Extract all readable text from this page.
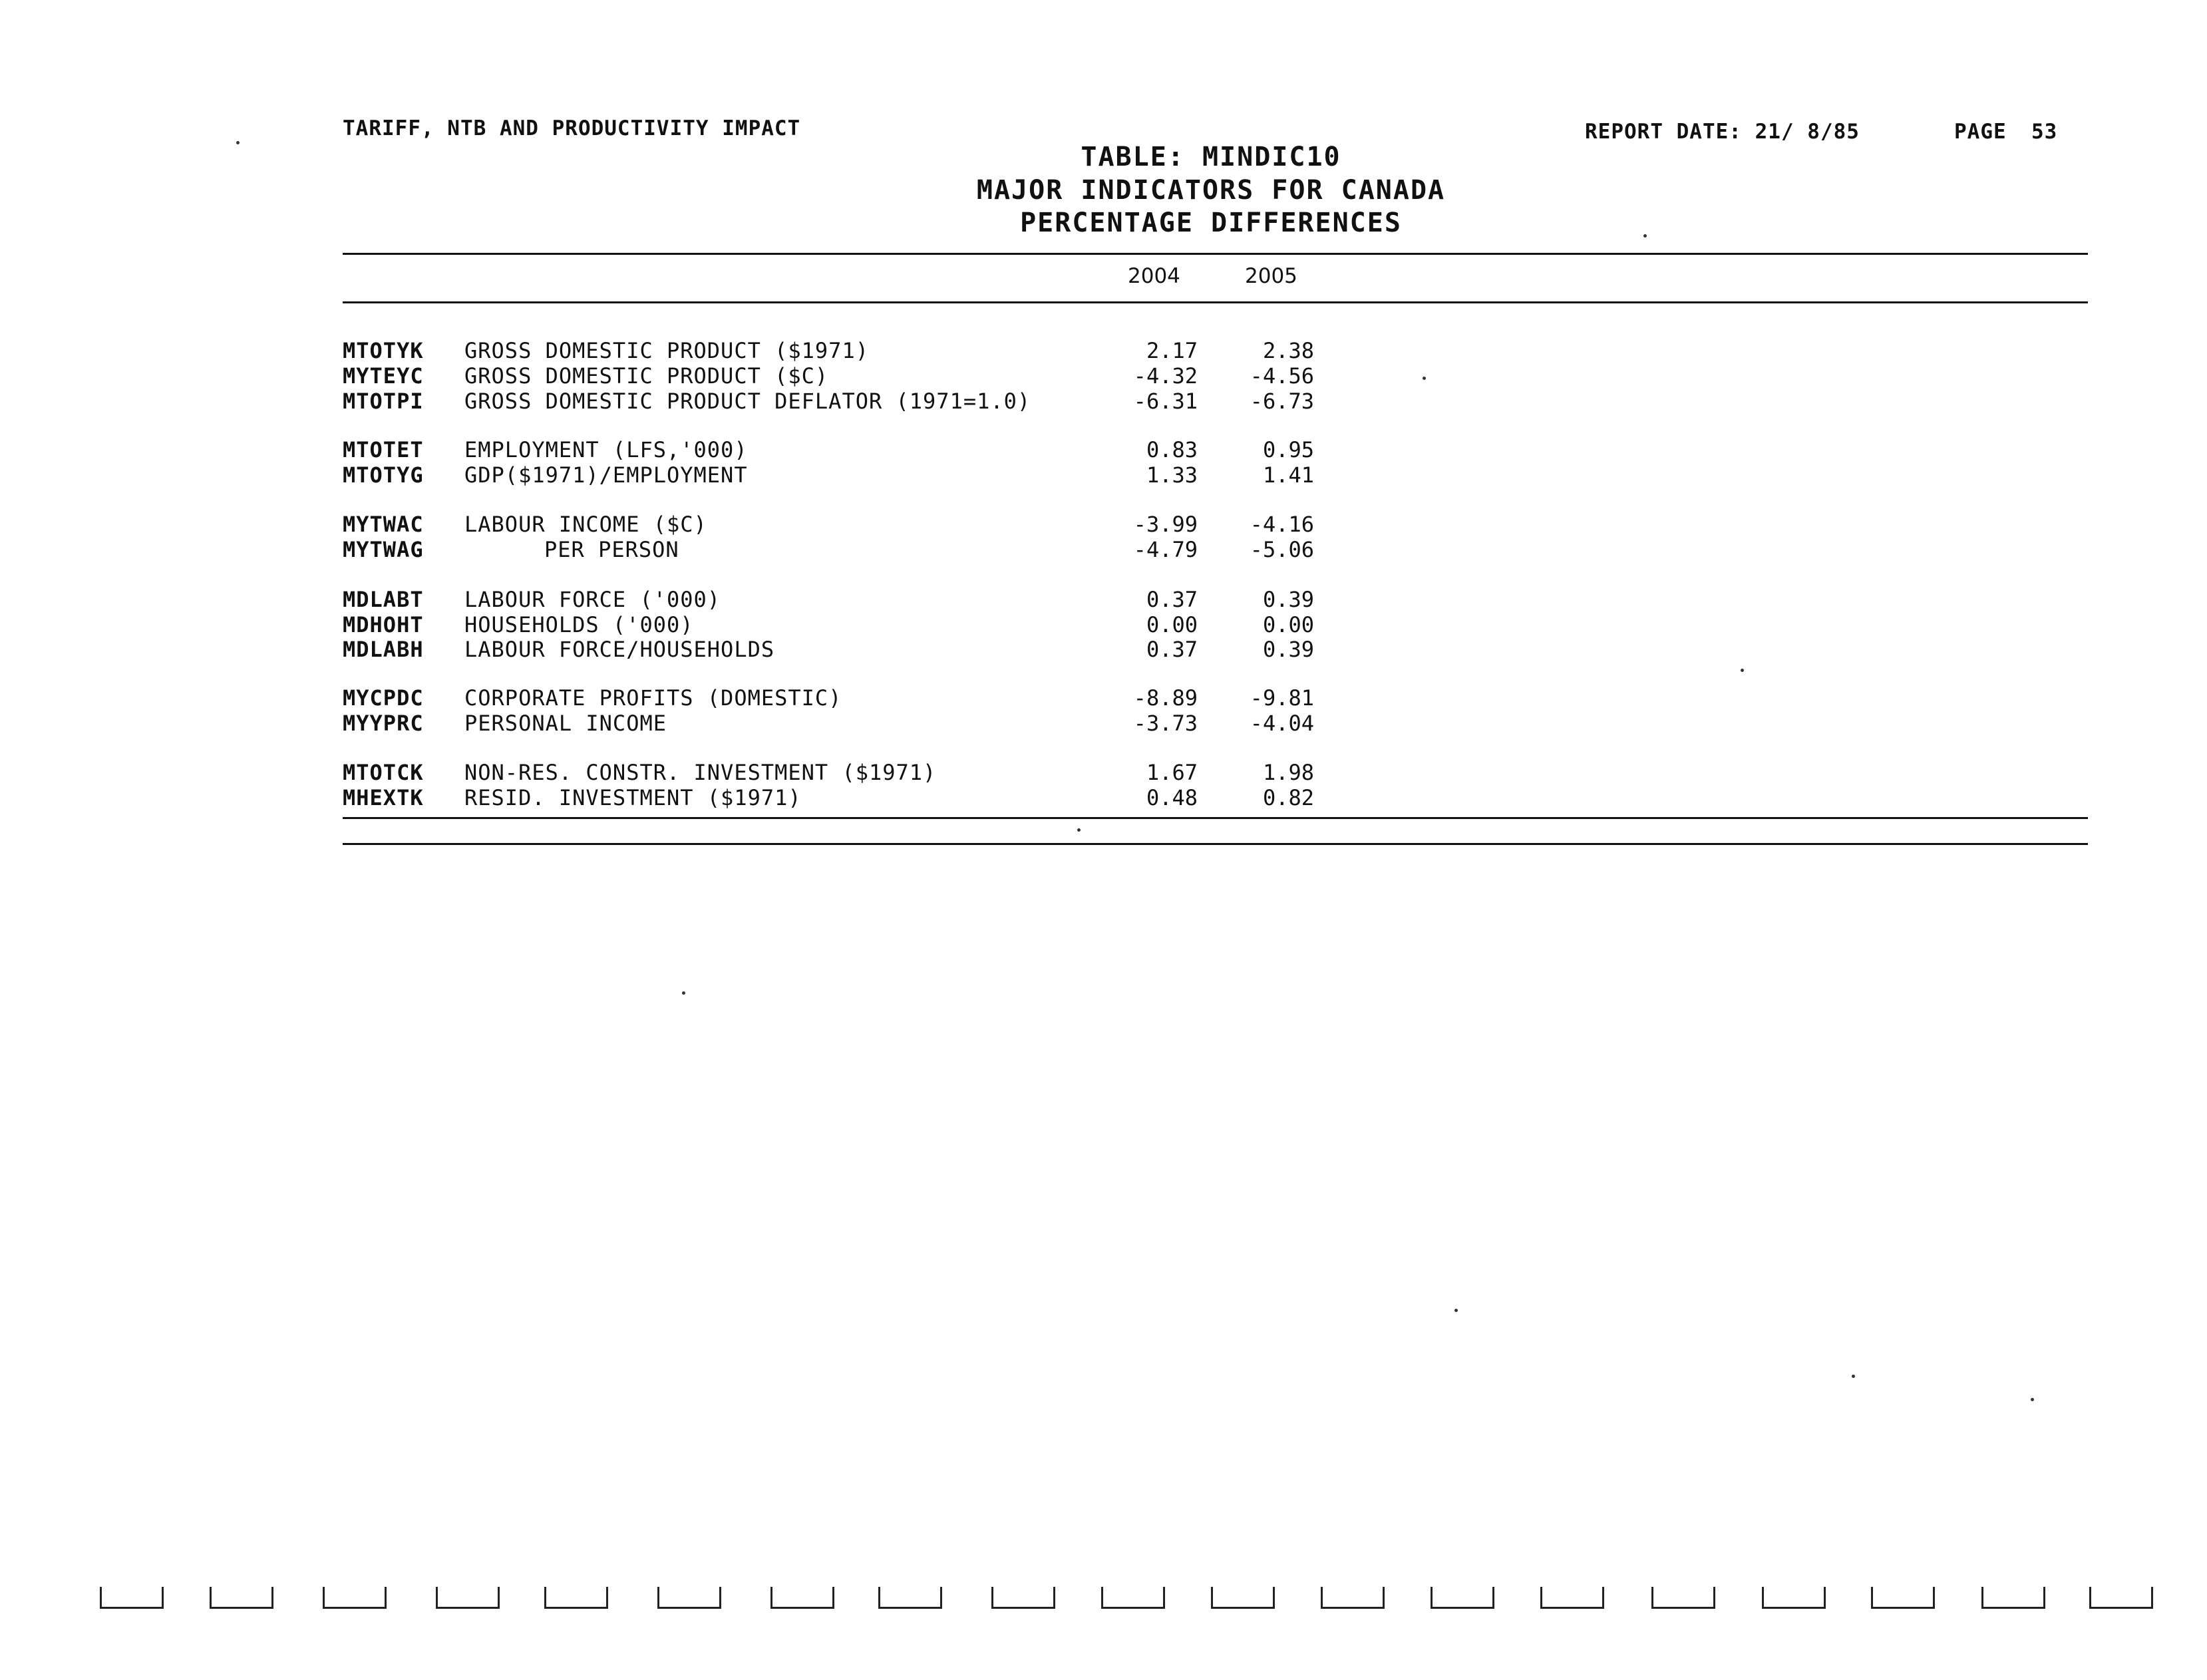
TARIFF, NTB AND PRODUCTIVITY IMPACT	REPORT DATE: 21/ 8/85	PAGE 53
TABLE: MINDIC10
MAJOR INDICATORS FOR CANADA
PERCENTAGE DIFFERENCES
2004	2005
MTOTYK GROSS DOMESTIC PRODUCT ($1971)	2.17	2.38
MYTEYC GROSS DOMESTIC PRODUCT ($C)	-4.32	-4.56
MTOTPI GROSS DOMESTIC PRODUCT DEFLATOR (1971=1.0)	-6.31	-6.73
MTOTET EMPLOYMENT (LFS,'000)	0.83	0.95
MTOTYG GDP($1971)/EMPLOYMENT	1.33	1.41
MYTWAC LABOUR INCOME ($C)	-3.99	-4.16
MYTWAG	PER PERSON	-4.79	-5.06
MDLABT LABOUR FORCE ('000)	0.37	0.39
MDHOHT HOUSEHOLDS ('000)	0.00	0.00
MDLABH LABOUR FORCE/HOUSEHOLDS	0.37	0.39
MYCPDC CORPORATE PROFITS (DOMESTIC)	-8.89	-9.81
MYYPRC PERSONAL INCOME	-3.73	-4.04
MTOTCK NON-RES. CONSTR. INVESTMENT ($1971)	1.67	1.98
MHEXTK RESID. INVESTMENT ($1971)	0.48	0.82
